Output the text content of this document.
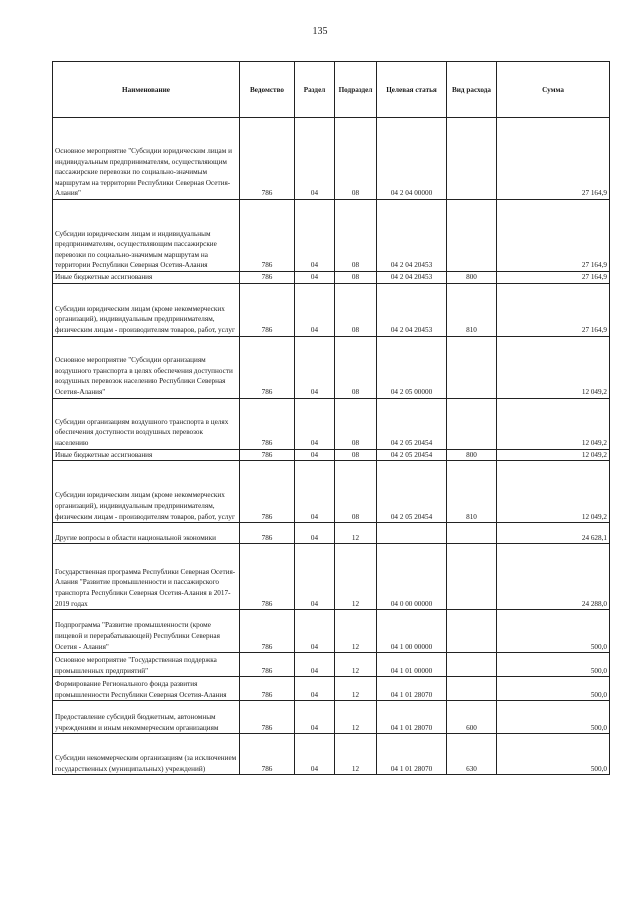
135
Наименование	Ведомство	Раздел	Подраздел	Целевая статья	Вид расхода	Сумма
Основное мероприятие "Субсидии юридическим лицам и индивидуальным предпринимателям, осуществляющим пассажирские перевозки по социально-значимым маршрутам на территории Республики Северная Осетия-Алания"	786	04	08	04 2 04 00000		27 164,9
Субсидии юридическим лицам и индивидуальным предпринимателям, осуществляющим пассажирские перевозки по социально-значимым маршрутам на территории Республики Северная Осетия-Алания	786	04	08	04 2 04 20453		27 164,9
Иные бюджетные ассигнования	786	04	08	04 2 04 20453	800	27 164,9
Субсидии юридическим лицам (кроме некоммерческих организаций), индивидуальным предпринимателям, физическим лицам - производителям товаров, работ, услуг	786	04	08	04 2 04 20453	810	27 164,9
Основное мероприятие "Субсидии организациям воздушного транспорта в целях обеспечения доступности воздушных перевозок населению Республики Северная Осетия-Алания"	786	04	08	04 2 05 00000		12 049,2
Субсидии организациям воздушного транспорта в целях обеспечения доступности воздушных перевозок населению	786	04	08	04 2 05 20454		12 049,2
Иные бюджетные ассигнования	786	04	08	04 2 05 20454	800	12 049,2
Субсидии юридическим лицам (кроме некоммерческих организаций), индивидуальным предпринимателям, физическим лицам - производителям товаров, работ, услуг	786	04	08	04 2 05 20454	810	12 049,2
Другие вопросы в области национальной экономики	786	04	12			24 628,1
Государственная программа Республики Северная Осетия-Алания "Развитие промышленности и пассажирского транспорта Республики Северная Осетия-Алания в 2017-2019 годах	786	04	12	04 0 00 00000		24 288,0
Подпрограмма "Развитие промышленности (кроме пищевой и перерабатывающей) Республики Северная Осетия - Алания"	786	04	12	04 1 00 00000		500,0
Основное мероприятие "Государственная поддержка промышленных предприятий"	786	04	12	04 1 01 00000		500,0
Формирование Регионального фонда развития промышленности Республики Северная Осетия-Алания	786	04	12	04 1 01 28070		500,0
Предоставление субсидий бюджетным, автономным учреждениям и иным некоммерческим организациям	786	04	12	04 1 01 28070	600	500,0
Субсидии некоммерческим организациям (за исключением государственных (муниципальных) учреждений)	786	04	12	04 1 01 28070	630	500,0
